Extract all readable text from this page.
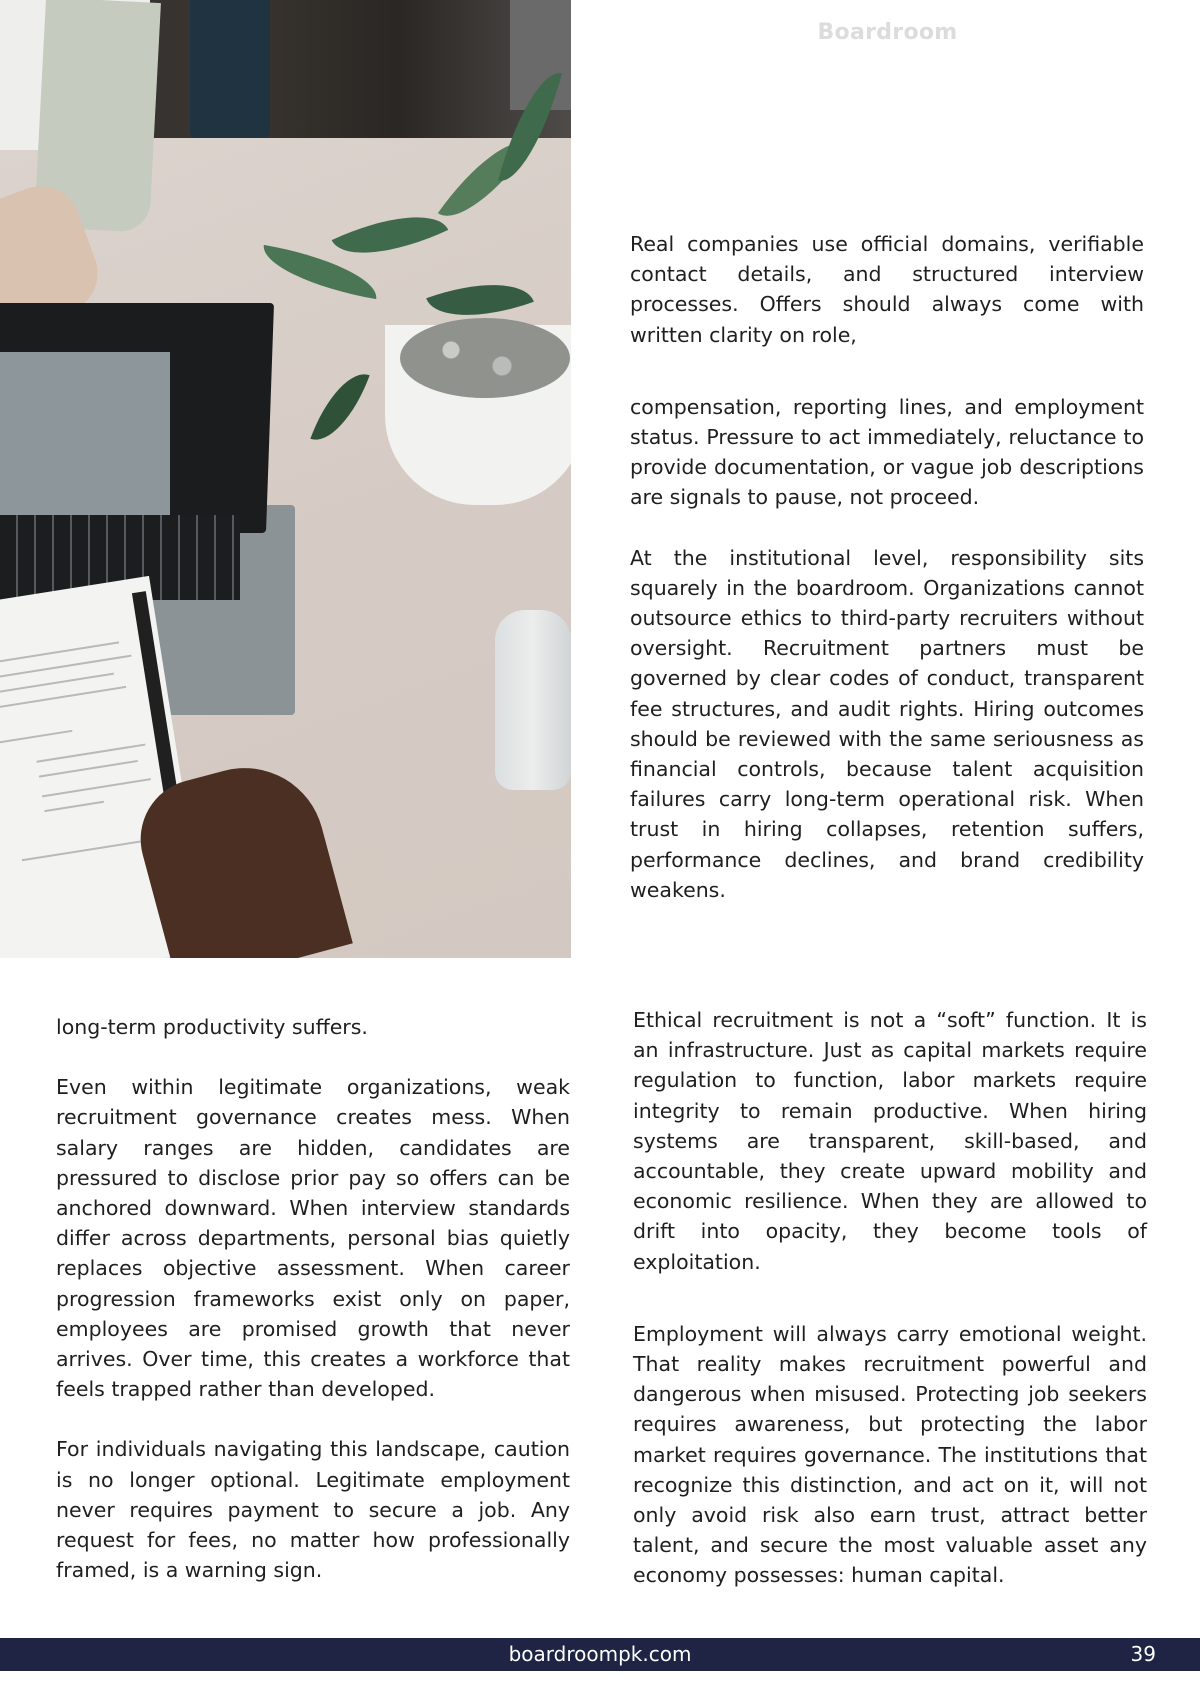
Boardroom

Real companies use official domains, verifiable contact details, and structured interview processes. Offers should always come with written clarity on role,

compensation, reporting lines, and employment status. Pressure to act immediately, reluctance to provide documentation, or vague job descriptions are signals to pause, not proceed.

At the institutional level, responsibility sits squarely in the boardroom. Organizations cannot outsource ethics to third-party recruiters without oversight. Recruitment partners must be governed by clear codes of conduct, transparent fee structures, and audit rights. Hiring outcomes should be reviewed with the same seriousness as financial controls, because talent acquisition failures carry long-term operational risk. When trust in hiring collapses, retention suffers, performance declines, and brand credibility weakens.

long-term productivity suffers.

Even within legitimate organizations, weak recruitment governance creates mess. When salary ranges are hidden, candidates are pressured to disclose prior pay so offers can be anchored downward. When interview standards differ across departments, personal bias quietly replaces objective assessment. When career progression frameworks exist only on paper, employees are promised growth that never arrives. Over time, this creates a workforce that feels trapped rather than developed.

For individuals navigating this landscape, caution is no longer optional. Legitimate employment never requires payment to secure a job. Any request for fees, no matter how professionally framed, is a warning sign.

Ethical recruitment is not a “soft” function. It is an infrastructure. Just as capital markets require regulation to function, labor markets require integrity to remain productive. When hiring systems are transparent, skill-based, and accountable, they create upward mobility and economic resilience. When they are allowed to drift into opacity, they become tools of exploitation.

Employment will always carry emotional weight. That reality makes recruitment powerful and dangerous when misused. Protecting job seekers requires awareness, but protecting the labor market requires governance. The institutions that recognize this distinction, and act on it, will not only avoid risk also earn trust, attract better talent, and secure the most valuable asset any economy possesses: human capital.

boardroompk.com	39
